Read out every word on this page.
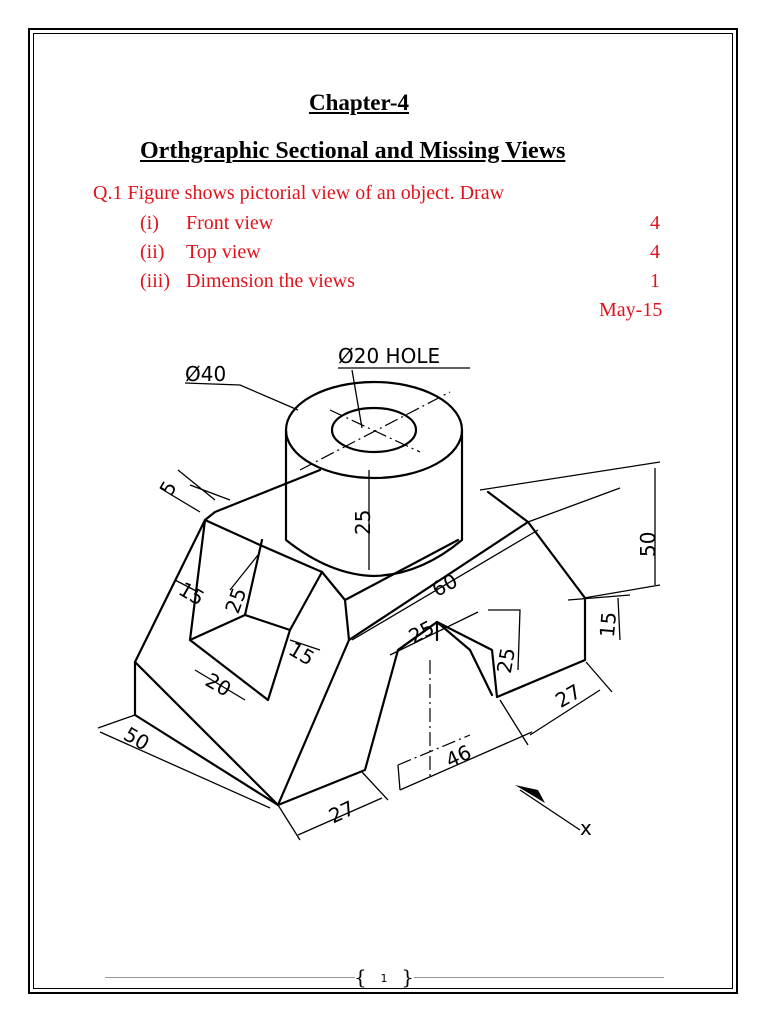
Chapter-4
Orthgraphic Sectional and Missing Views
Q.1 Figure shows pictorial view of an object. Draw
(i) Front view	4
(ii) Top view	4
(iii) Dimension the views	1
May-15
Ø40
Ø20 HOLE
5
25
50
60
15 25
15
25
25
15
20
50
27
46
27
x
{ 1 }
